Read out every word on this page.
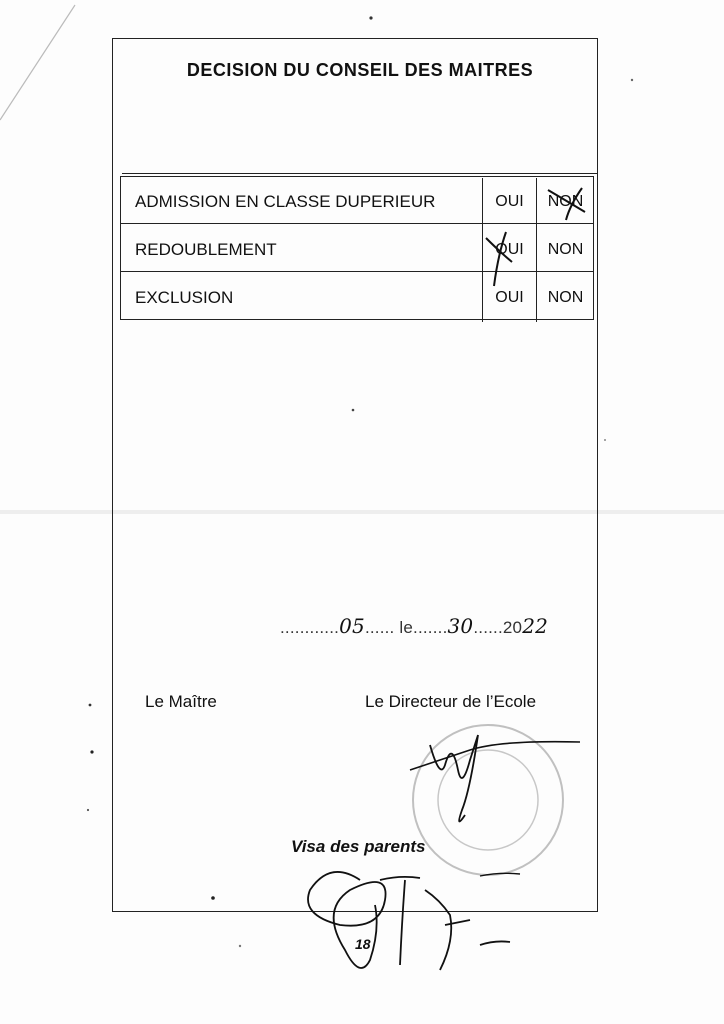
DECISION DU CONSEIL DES MAITRES
ADMISSION EN CLASSE DUPERIEUR	OUI	NON
REDOUBLEMENT	OUI	NON
EXCLUSION	OUI	NON
............05...... le.......30......2022
Le Maître	Le Directeur de l’Ecole
Visa des parents
18
